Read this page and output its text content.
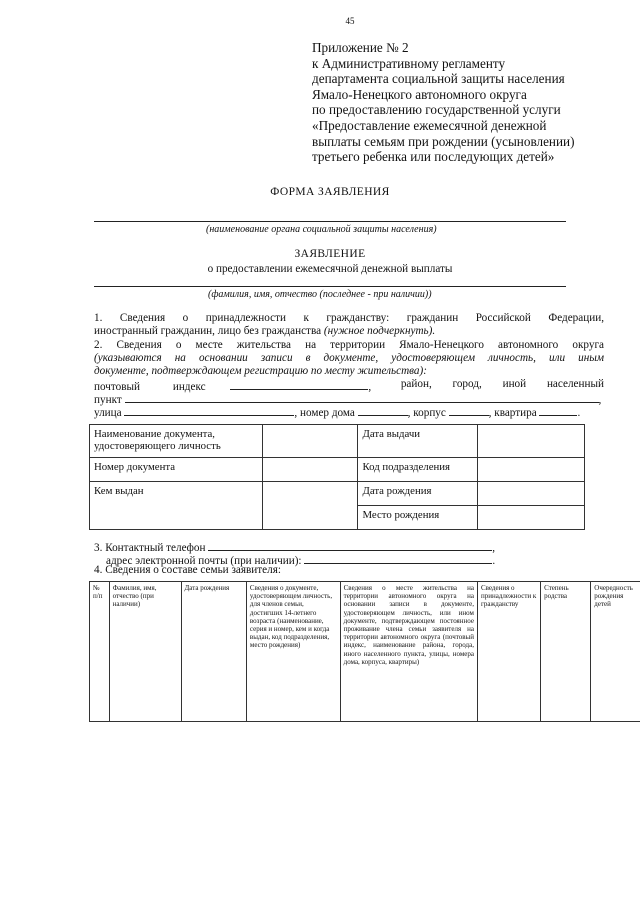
45
Приложение № 2
к Административному регламенту
департамента социальной защиты населения
Ямало-Ненецкого автономного округа
по предоставлению государственной услуги
«Предоставление ежемесячной денежной
выплаты семьям при рождении (усыновлении)
третьего ребенка или последующих детей»
ФОРМА ЗАЯВЛЕНИЯ
(наименование органа социальной защиты населения)
ЗАЯВЛЕНИЕ
о предоставлении ежемесячной денежной выплаты
(фамилия, имя, отчество (последнее - при наличии))
1. Сведения о принадлежности к гражданству: гражданин Российской Федерации,
иностранный гражданин, лицо без гражданства (нужное подчеркнуть).
2. Сведения о месте жительства на территории Ямало-Ненецкого автономного округа
(указываются на основании записи в документе, удостоверяющем личность, или иным
документе, подтверждающем регистрацию по месту жительства):
почтовый индекс	,	район, город, иной населенный
пункт	,
улица	, номер дома	, корпус	, квартира	.
Наименование документа, удостоверяющего личность		Дата выдачи	
Номер документа		Код подразделения	
Кем выдан		Дата рождения	
		Место рождения	
3. Контактный телефон	,
адрес электронной почты (при наличии):	.
4. Сведения о составе семьи заявителя:
№ п/п	Фамилия, имя, отчество (при наличии)	Дата рождения	Сведения о документе, удостоверяющем личность, для членов семьи, достигших 14-летнего возраста (наименование, серия и номер, кем и когда выдан, код подразделения, место рождения)	Сведения о месте жительства на территории автономного округа на основании записи в документе, удостоверяющем личность, или ином документе, подтверждающем постоянное проживание члена семьи заявителя на территории автономного округа (почтовый индекс, наименование района, города, иного населенного пункта, улицы, номера дома, корпуса, квартиры)	Сведения о принадлежности к гражданству	Степень родства	Очередность рождения детей
